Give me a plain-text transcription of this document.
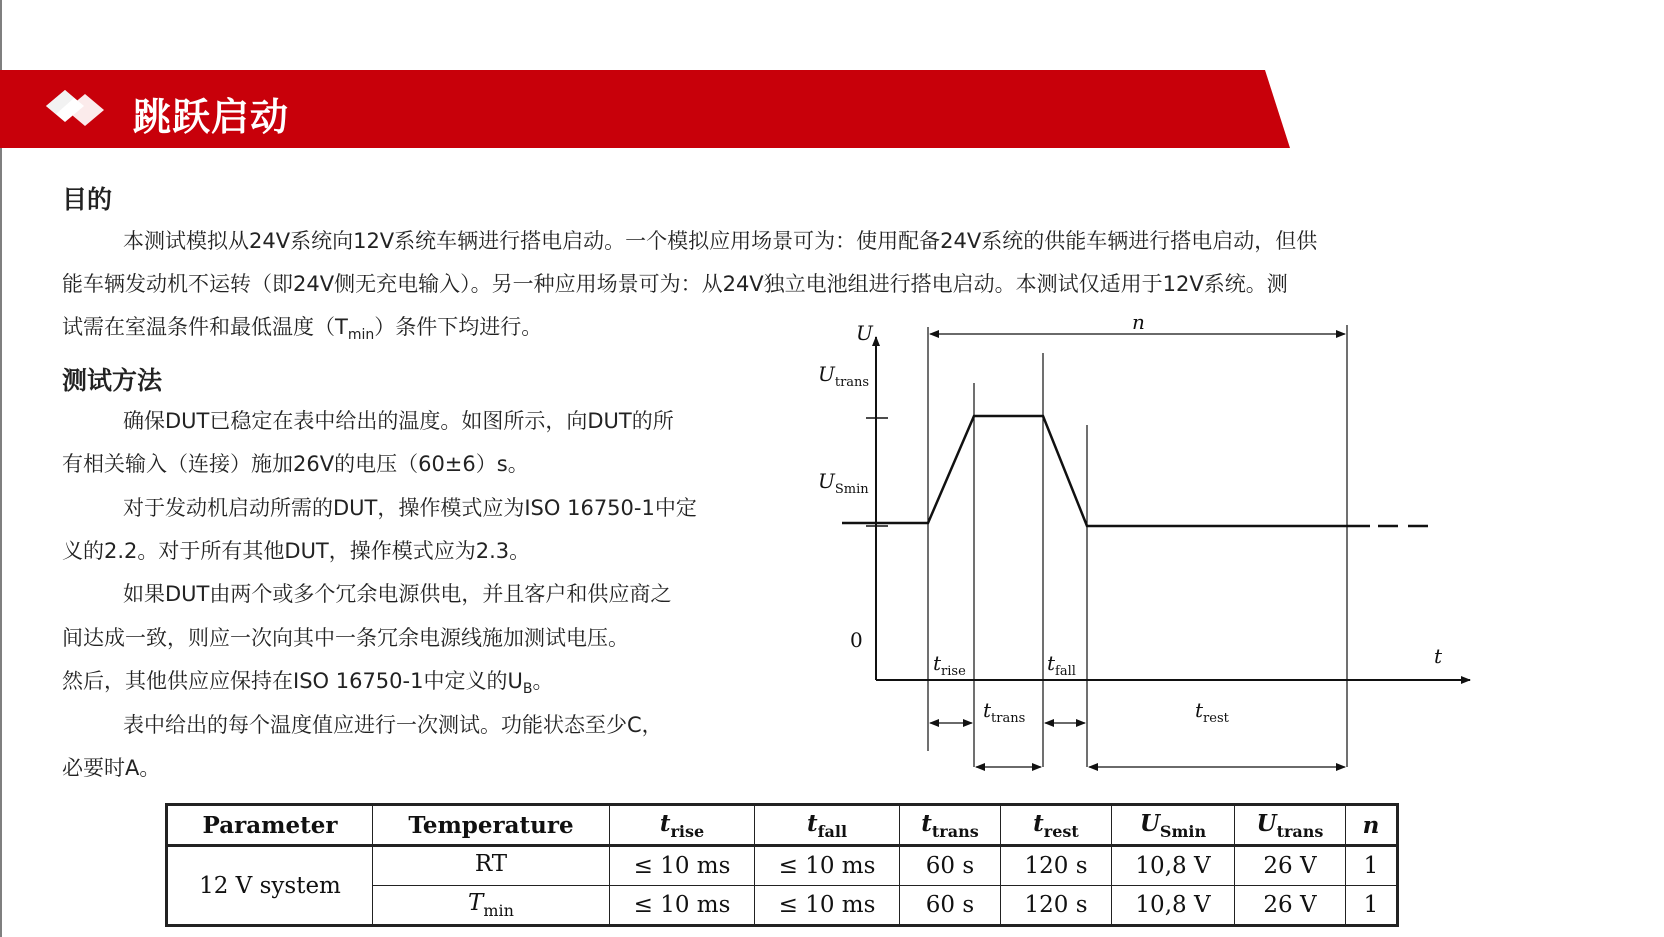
跳跃启动
目的
本测试模拟从24V系统向12V系统车辆进行搭电启动。一个模拟应用场景可为：使用配备24V系统的供能车辆进行搭电启动，但供
能车辆发动机不运转（即24V侧无充电输入）。另一种应用场景可为：从24V独立电池组进行搭电启动。本测试仅适用于12V系统。测
试需在室温条件和最低温度$(T_{min})$条件下均进行。
测试方法
确保DUT已稳定在表中给出的温度。如图所示，向DUT的所
有相关输入（连接）施加26V的电压（60±6）s。
对于发动机启动所需的DUT，操作模式应为ISO 16750-1中定
义的2.2。对于所有其他DUT，操作模式应为2.3。
如果DUT由两个或多个冗余电源供电，并且客户和供应商之
间达成一致，则应一次向其中一条冗余电源线施加测试电压。
然后，其他供应应保持在ISO 16750-1中定义的$U_B$。
表中给出的每个温度值应进行一次测试。功能状态至少C，
必要时A。
U
t
0
n
$U_{trans}$
$U_{Smin}$
$t_{rise}$	$t_{fall}$
$t_{trans}$	$t_{rest}$
Parameter	Temperature	$t_{rise}$	$t_{fall}$	$t_{trans}$	$t_{rest}$	$U_{Smin}$	$U_{trans}$	n
12 V system	RT	≤ 10 ms	≤ 10 ms	60 s	120 s	10,8 V	26 V	1
	$T_{min}$	≤ 10 ms	≤ 10 ms	60 s	120 s	10,8 V	26 V	1
